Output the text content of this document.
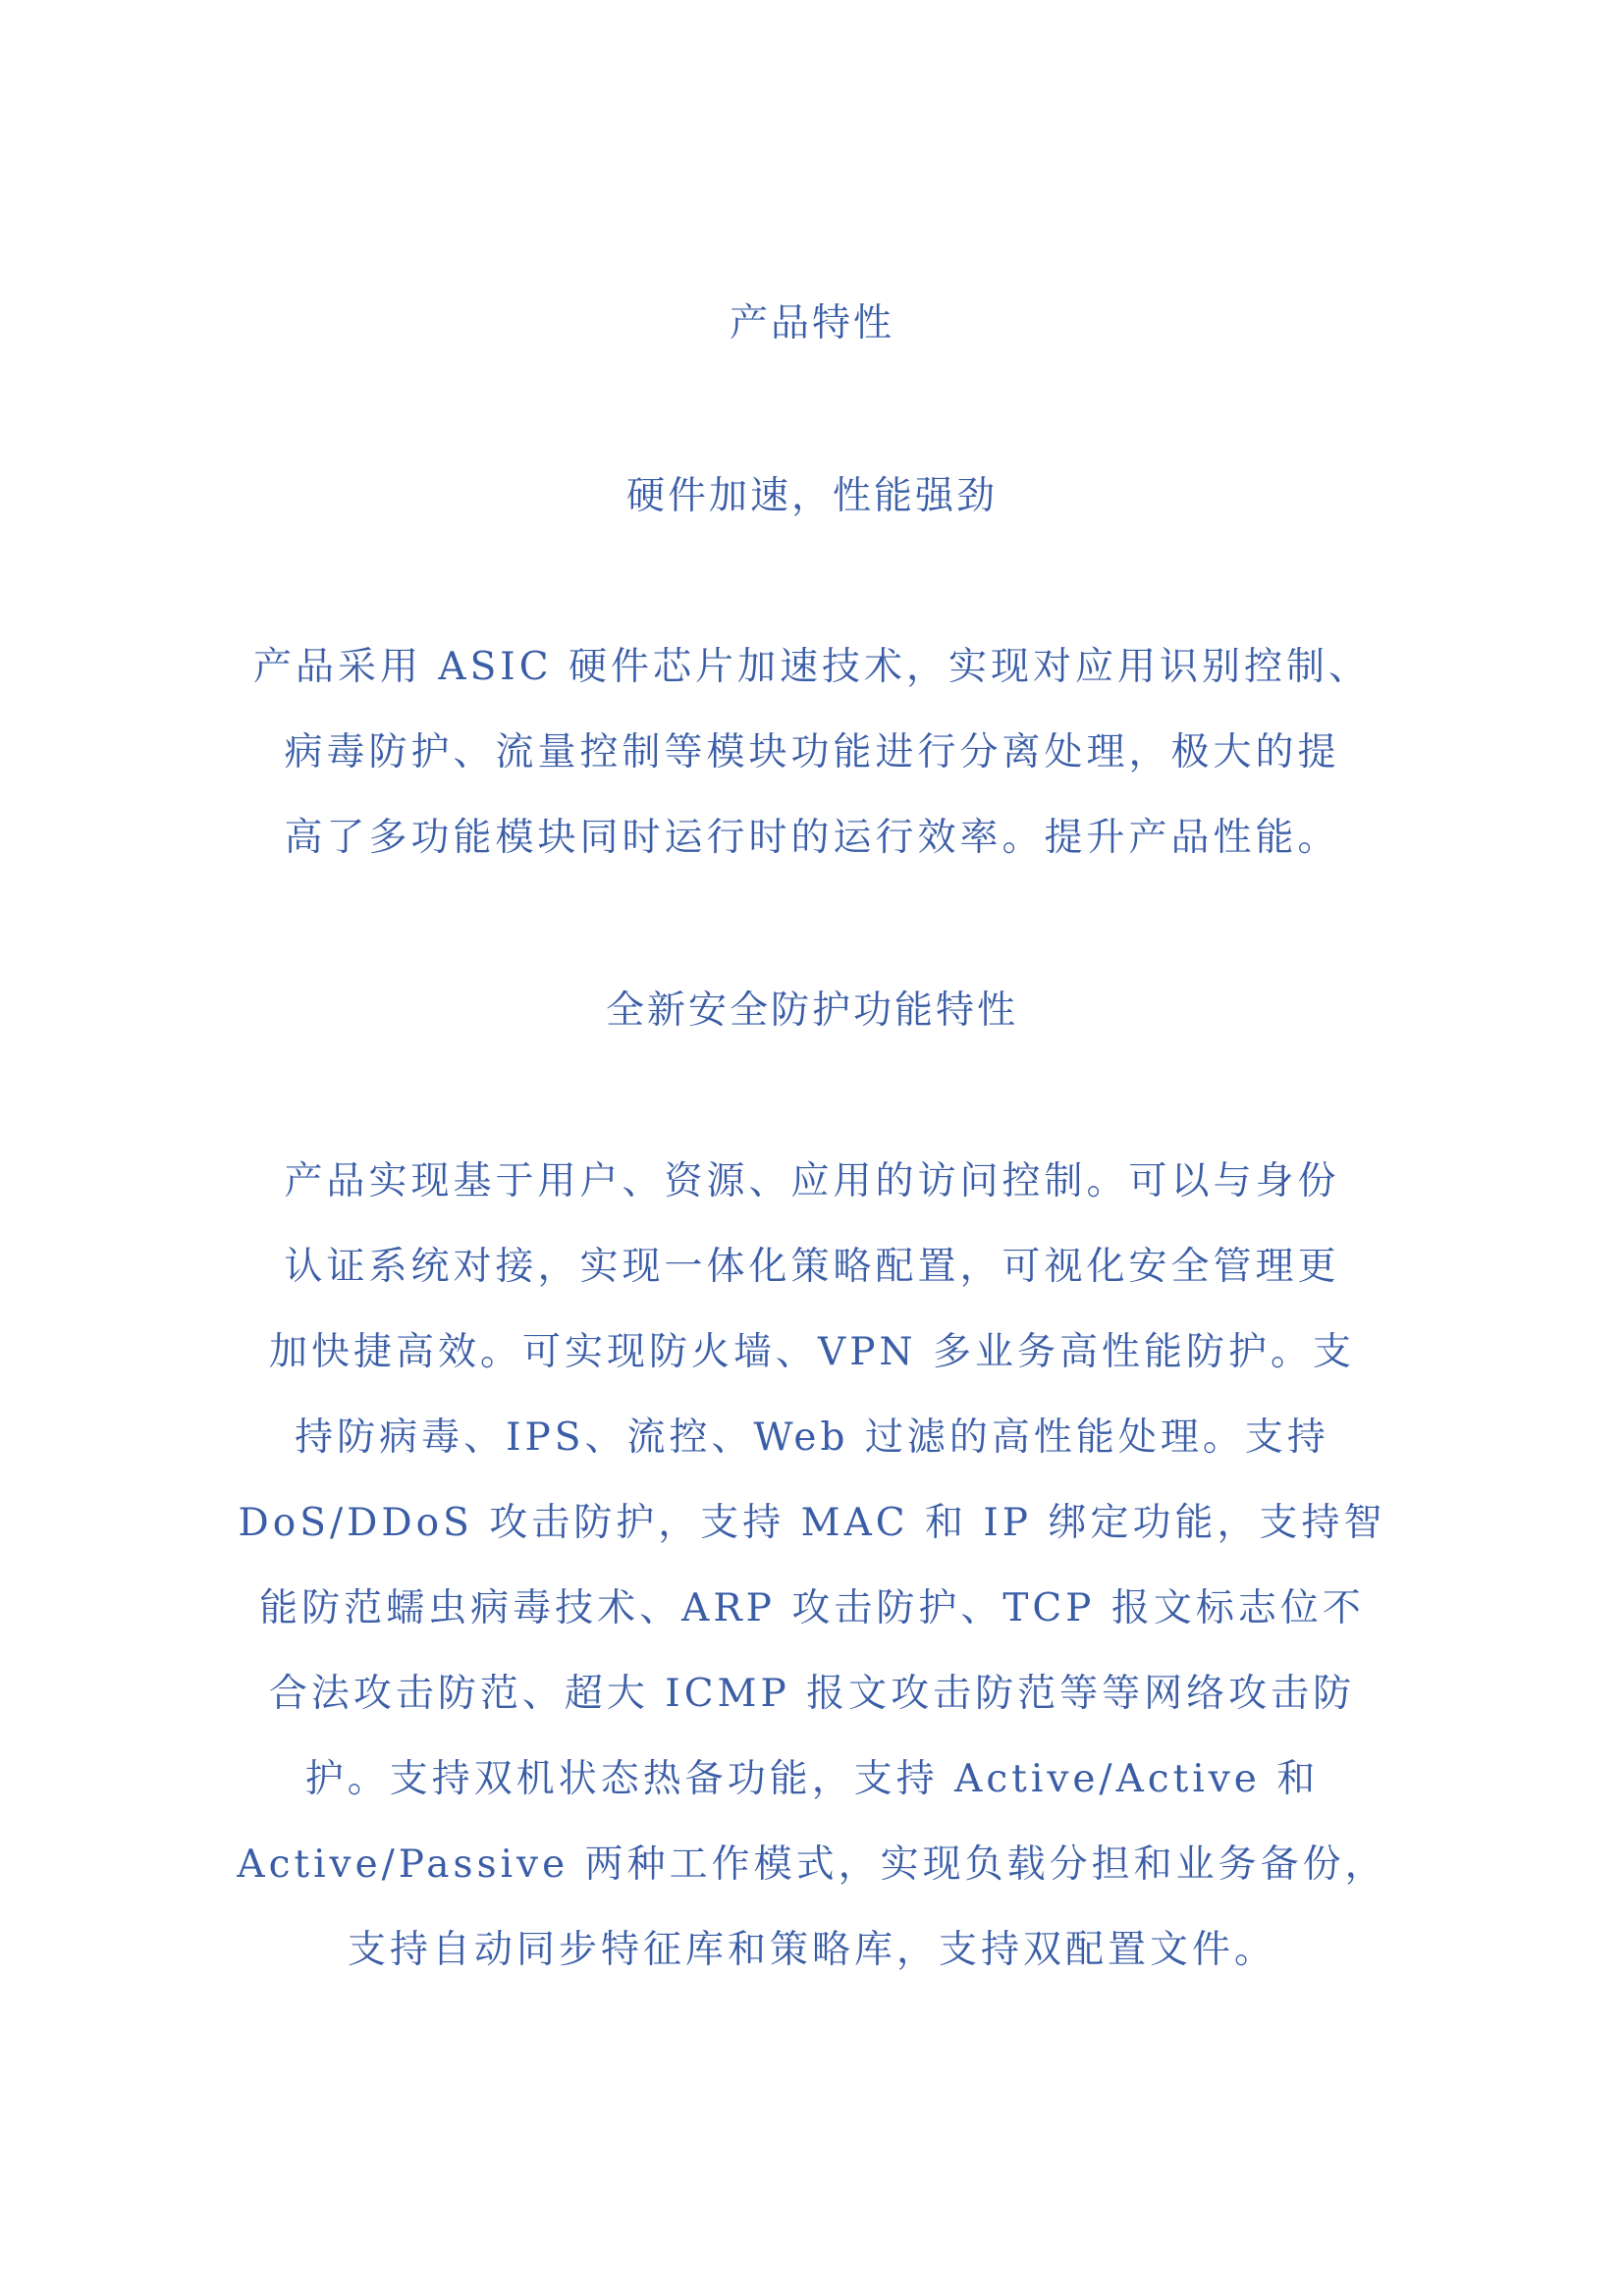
产品特性
硬件加速，性能强劲
产品采用 ASIC 硬件芯片加速技术，实现对应用识别控制、
病毒防护、流量控制等模块功能进行分离处理，极大的提
高了多功能模块同时运行时的运行效率。提升产品性能。
全新安全防护功能特性
产品实现基于用户、资源、应用的访问控制。可以与身份
认证系统对接，实现一体化策略配置，可视化安全管理更
加快捷高效。可实现防火墙、VPN 多业务高性能防护。支
持防病毒、IPS、流控、Web 过滤的高性能处理。支持
DoS/DDoS 攻击防护，支持 MAC 和 IP 绑定功能，支持智
能防范蠕虫病毒技术、ARP 攻击防护、TCP 报文标志位不
合法攻击防范、超大 ICMP 报文攻击防范等等网络攻击防
护。支持双机状态热备功能，支持 Active/Active 和
Active/Passive 两种工作模式，实现负载分担和业务备份，
支持自动同步特征库和策略库，支持双配置文件。
